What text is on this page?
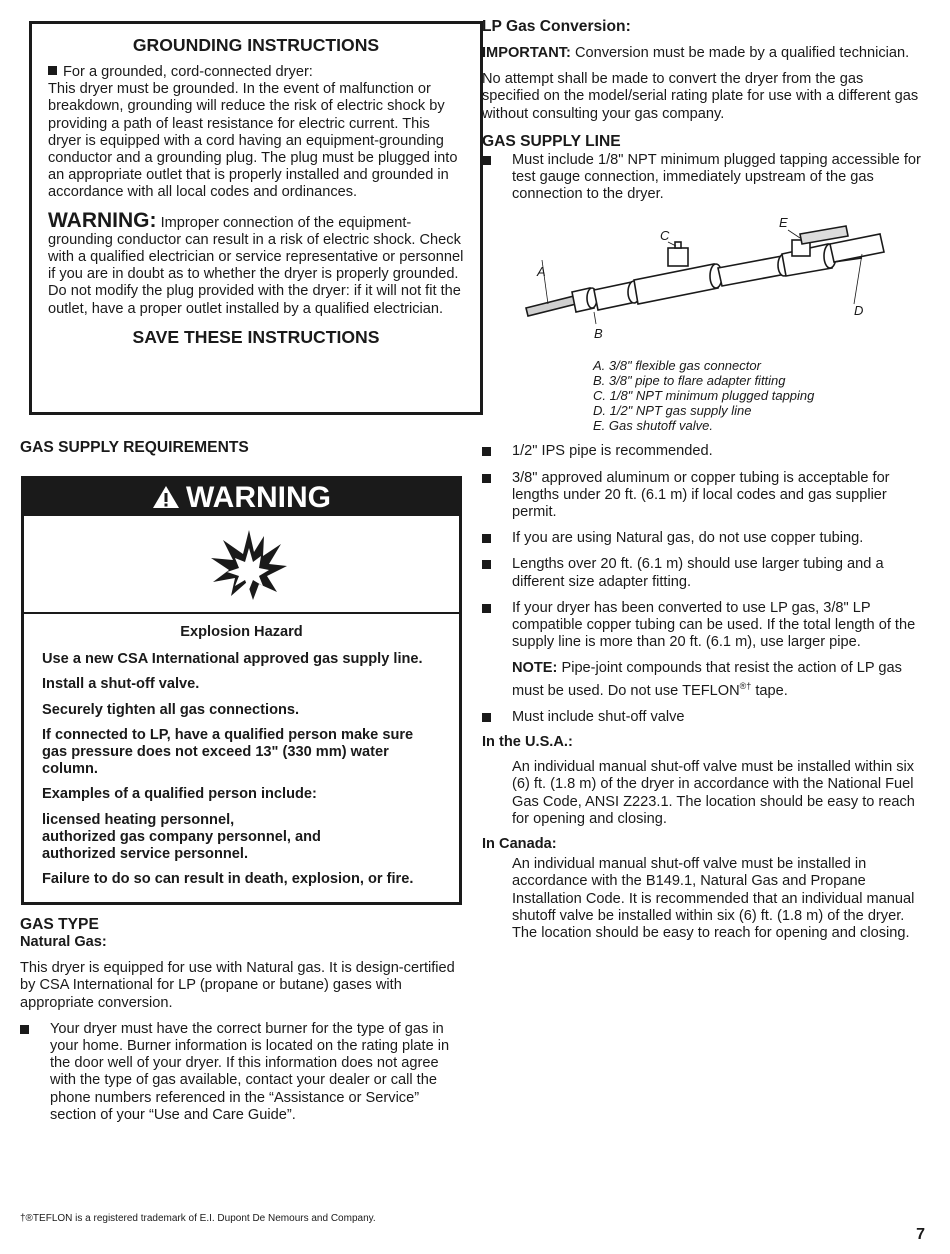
GROUNDING INSTRUCTIONS

For a grounded, cord-connected dryer:
This dryer must be grounded. In the event of malfunction or breakdown, grounding will reduce the risk of electric shock by providing a path of least resistance for electric current. This dryer is equipped with a cord having an equipment-grounding conductor and a grounding plug. The plug must be plugged into an appropriate outlet that is properly installed and grounded in accordance with all local codes and ordinances.

WARNING: Improper connection of the equipment-grounding conductor can result in a risk of electric shock. Check with a qualified electrician or service representative or personnel if you are in doubt as to whether the dryer is properly grounded. Do not modify the plug provided with the dryer: if it will not fit the outlet, have a proper outlet installed by a qualified electrician.

SAVE THESE INSTRUCTIONS
GAS SUPPLY REQUIREMENTS
WARNING

Explosion Hazard

Use a new CSA International approved gas supply line.

Install a shut-off valve.

Securely tighten all gas connections.

If connected to LP, have a qualified person make sure gas pressure does not exceed 13" (330 mm) water column.

Examples of a qualified person include:

licensed heating personnel,
authorized gas company personnel, and
authorized service personnel.

Failure to do so can result in death, explosion, or fire.

GAS TYPE
Natural Gas:

This dryer is equipped for use with Natural gas. It is design-certified by CSA International for LP (propane or butane) gases with appropriate conversion.

Your dryer must have the correct burner for the type of gas in your home. Burner information is located on the rating plate in the door well of your dryer. If this information does not agree with the type of gas available, contact your dealer or call the phone numbers referenced in the “Assistance or Service” section of your “Use and Care Guide”.
†®TEFLON is a registered trademark of E.I. Dupont De Nemours and Company.
7
LP Gas Conversion:

IMPORTANT: Conversion must be made by a qualified technician.

No attempt shall be made to convert the dryer from the gas specified on the model/serial rating plate for use with a different gas without consulting your gas company.

GAS SUPPLY LINE
Must include 1/8" NPT minimum plugged tapping accessible for test gauge connection, immediately upstream of the gas connection to the dryer.
A
B
C
E
D
A. 3/8" flexible gas connector
B. 3/8" pipe to flare adapter fitting
C. 1/8" NPT minimum plugged tapping
D. 1/2" NPT gas supply line
E. Gas shutoff valve.
1/2" IPS pipe is recommended.
3/8" approved aluminum or copper tubing is acceptable for lengths under 20 ft. (6.1 m) if local codes and gas supplier permit.
If you are using Natural gas, do not use copper tubing.
Lengths over 20 ft. (6.1 m) should use larger tubing and a different size adapter fitting.
If your dryer has been converted to use LP gas, 3/8" LP compatible copper tubing can be used. If the total length of the supply line is more than 20 ft. (6.1 m), use larger pipe.

NOTE: Pipe-joint compounds that resist the action of LP gas must be used. Do not use TEFLON®† tape.

Must include shut-off valve
In the U.S.A.:

An individual manual shut-off valve must be installed within six (6) ft. (1.8 m) of the dryer in accordance with the National Fuel Gas Code, ANSI Z223.1. The location should be easy to reach for opening and closing.

In Canada:

An individual manual shut-off valve must be installed in accordance with the B149.1, Natural Gas and Propane Installation Code. It is recommended that an individual manual shutoff valve be installed within six (6) ft. (1.8 m) of the dryer. The location should be easy to reach for opening and closing.
